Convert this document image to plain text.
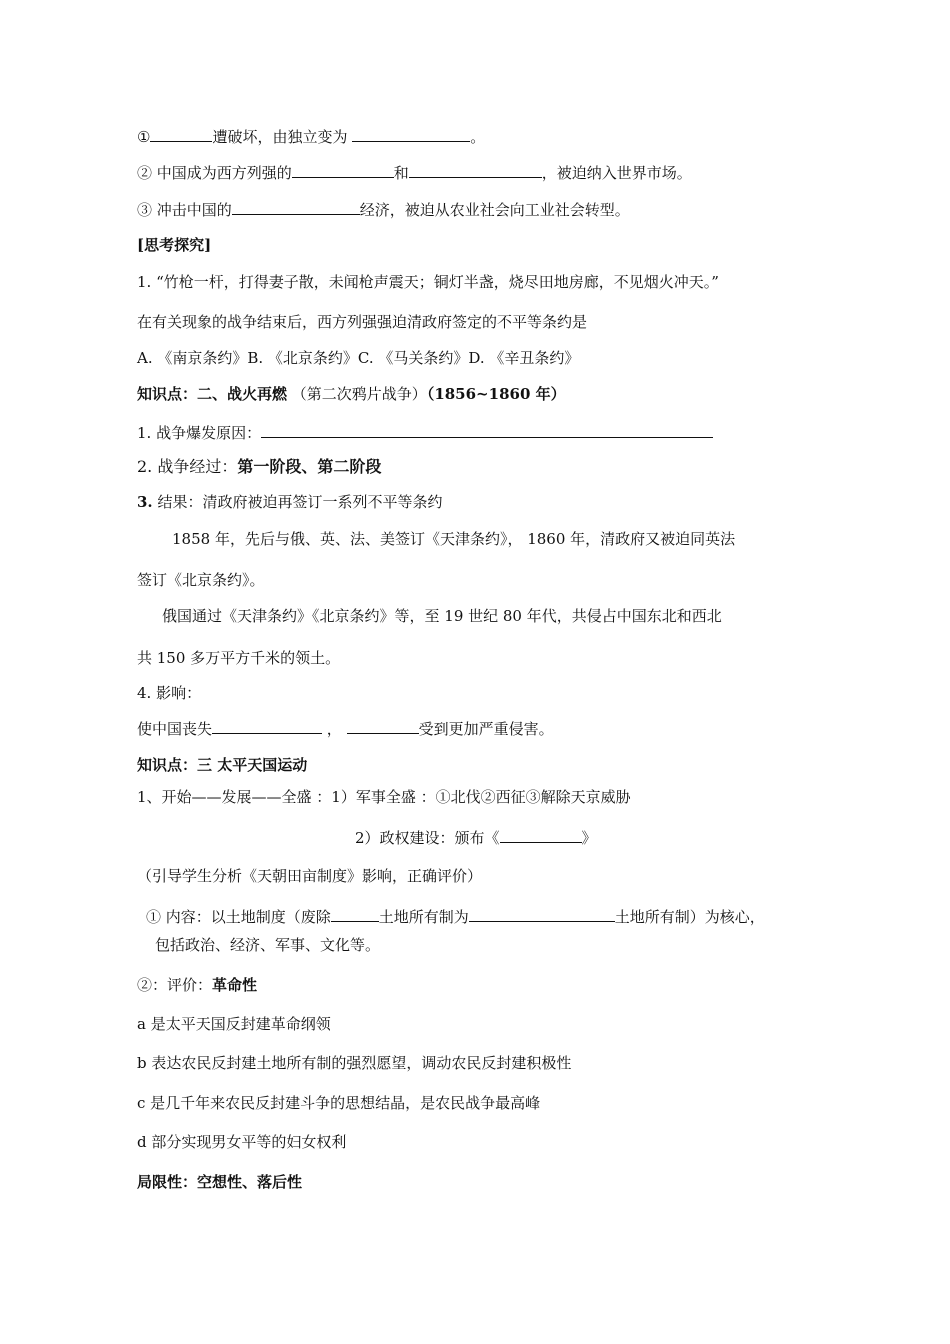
①	遭破坏，由独立变为	。
② 中国成为西方列强的	和	，被迫纳入世界市场。
③ 冲击中国的	经济，被迫从农业社会向工业社会转型。
[思考探究]
1. “竹枪一杆，打得妻子散，未闻枪声震天；铜灯半盏，烧尽田地房廊，不见烟火冲天。”
在有关现象的战争结束后，西方列强强迫清政府签定的不平等条约是
A. 《南京条约》B. 《北京条约》C. 《马关条约》D. 《辛丑条约》
知识点：二、战火再燃 （第二次鸦片战争）（1856~1860 年）
1. 战争爆发原因：
2. 战争经过：第一阶段、第二阶段
3. 结果：清政府被迫再签订一系列不平等条约
1858 年，先后与俄、英、法、美签订《天津条约》， 1860 年，清政府又被迫同英法
签订《北京条约》。
俄国通过《天津条约》《北京条约》等，至 19 世纪 80 年代，共侵占中国东北和西北
共 150 多万平方千米的领土。
4. 影响：
使中国丧失	，	受到更加严重侵害。
知识点：三 太平天国运动
1、开始——发展——全盛 ：1）军事全盛 ：①北伐②西征③解除天京威胁
2）政权建设：颁布《	》
（引导学生分析《天朝田亩制度》影响，正确评价）
① 内容：以土地制度（废除	土地所有制为	土地所有制）为核心，
包括政治、经济、军事、文化等。
②：评价：革命性
a 是太平天国反封建革命纲领
b 表达农民反封建土地所有制的强烈愿望，调动农民反封建积极性
c 是几千年来农民反封建斗争的思想结晶，是农民战争最高峰
d 部分实现男女平等的妇女权利
局限性：空想性、落后性
